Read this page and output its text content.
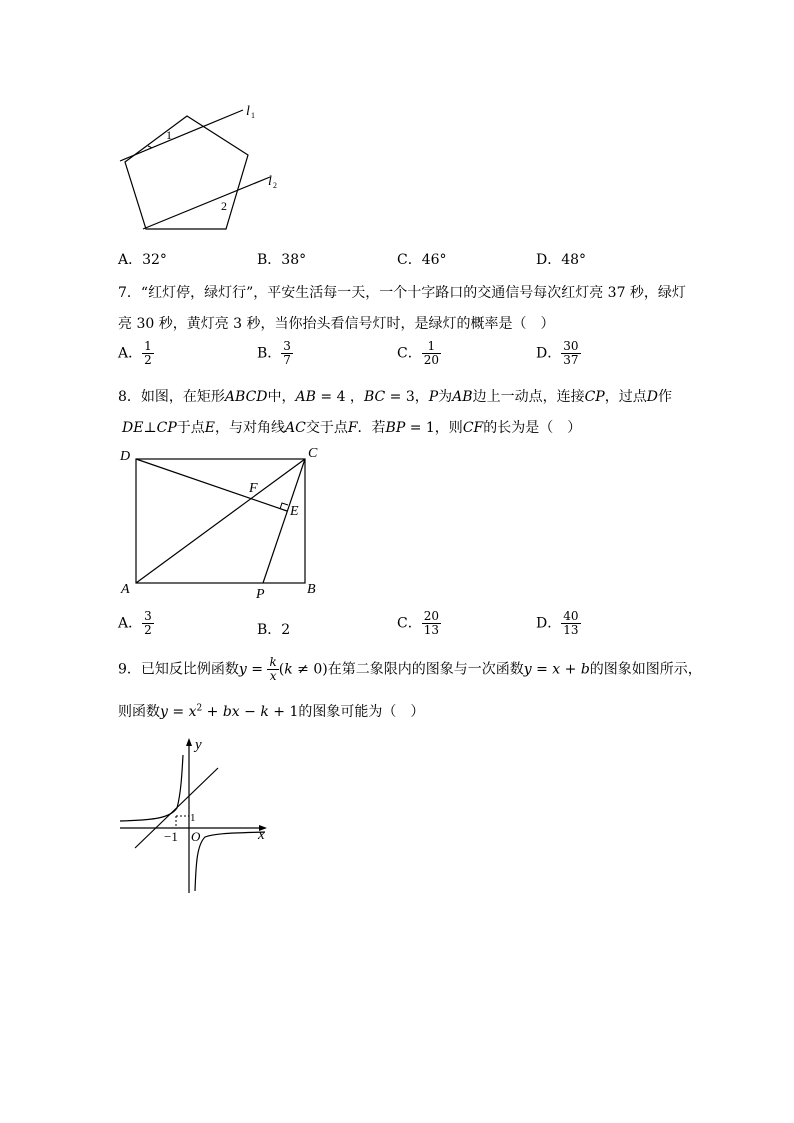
1
2
l 1
l 2
A．32°	B．38°	C．46°	D．48°
7．“红灯停，绿灯行”，平安生活每一天，一个十字路口的交通信号每次红灯亮 37 秒，绿灯
亮 30 秒，黄灯亮 3 秒，当你抬头看信号灯时，是绿灯的概率是（　）
A． $\frac{1}{2}$	B． $\frac{3}{7}$	C． $\frac{1}{20}$	D． $\frac{30}{37}$
8．如图，在矩形ABCD中，AB = 4 ，BC = 3，P为AB边上一动点，连接CP，过点D作
DE⊥CP于点E，与对角线AC交于点F．若BP = 1，则CF的长为是（　）
D	C
F
E
A	P	B
A． $\frac{3}{2}$	B．2	C． $\frac{20}{13}$	D． $\frac{40}{13}$
9．已知反比例函数$y = \frac{k}{x} (k \ne 0)$在第二象限内的图象与一次函数y = x + b的图象如图所示，
则函数$y = x^2$ + bx − k + 1的图象可能为（　）
y
x
O
−1
1
